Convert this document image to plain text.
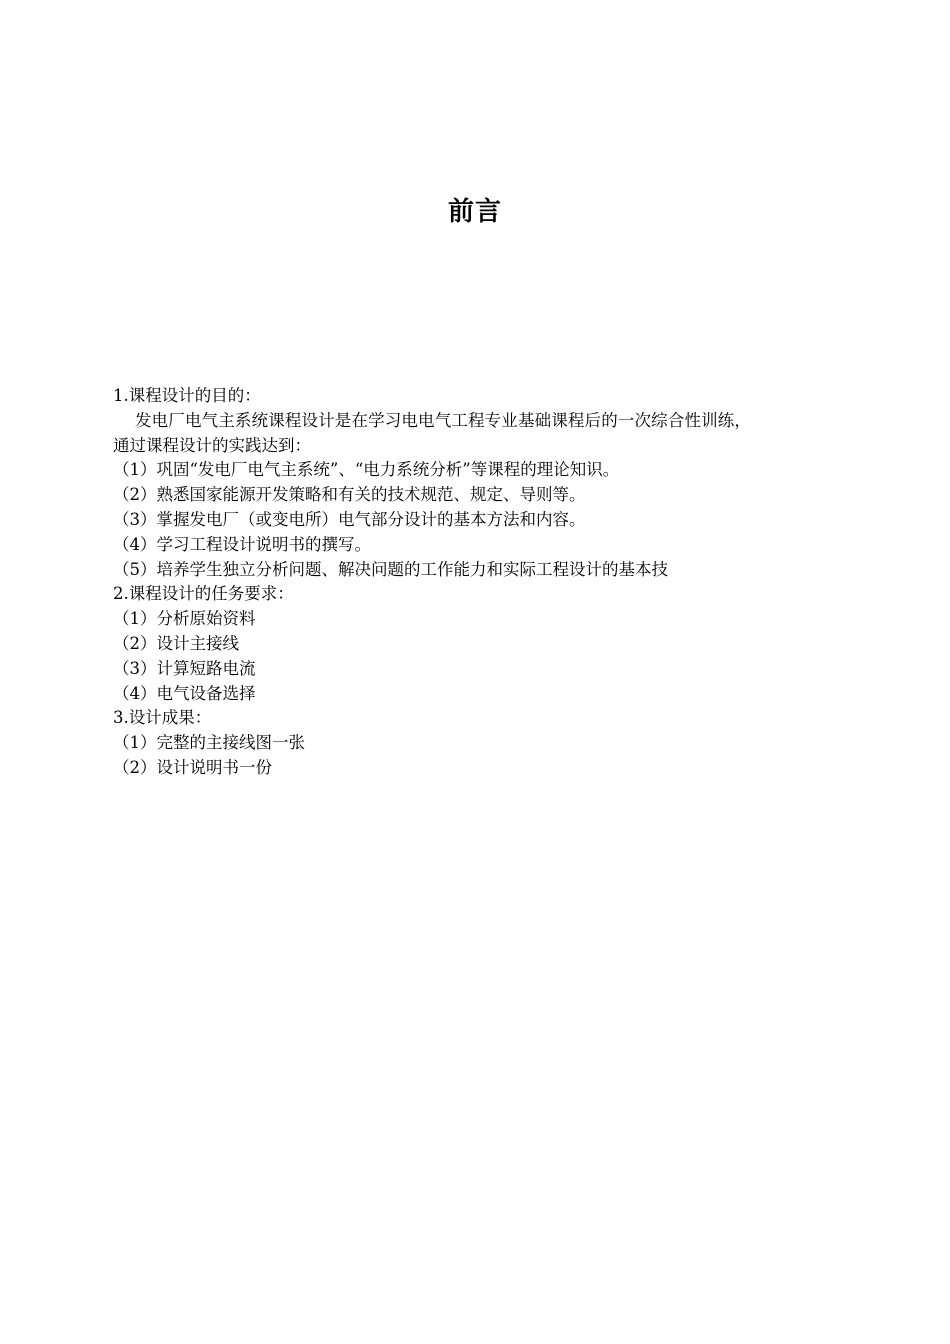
前言
1.课程设计的目的：
发电厂电气主系统课程设计是在学习电电气工程专业基础课程后的一次综合性训练，
通过课程设计的实践达到：
（1）巩固“发电厂电气主系统”、“电力系统分析”等课程的理论知识。
（2）熟悉国家能源开发策略和有关的技术规范、规定、导则等。
（3）掌握发电厂（或变电所）电气部分设计的基本方法和内容。
（4）学习工程设计说明书的撰写。
（5）培养学生独立分析问题、解决问题的工作能力和实际工程设计的基本技
2.课程设计的任务要求：
（1）分析原始资料
（2）设计主接线
（3）计算短路电流
（4）电气设备选择
3.设计成果：
（1）完整的主接线图一张
（2）设计说明书一份
